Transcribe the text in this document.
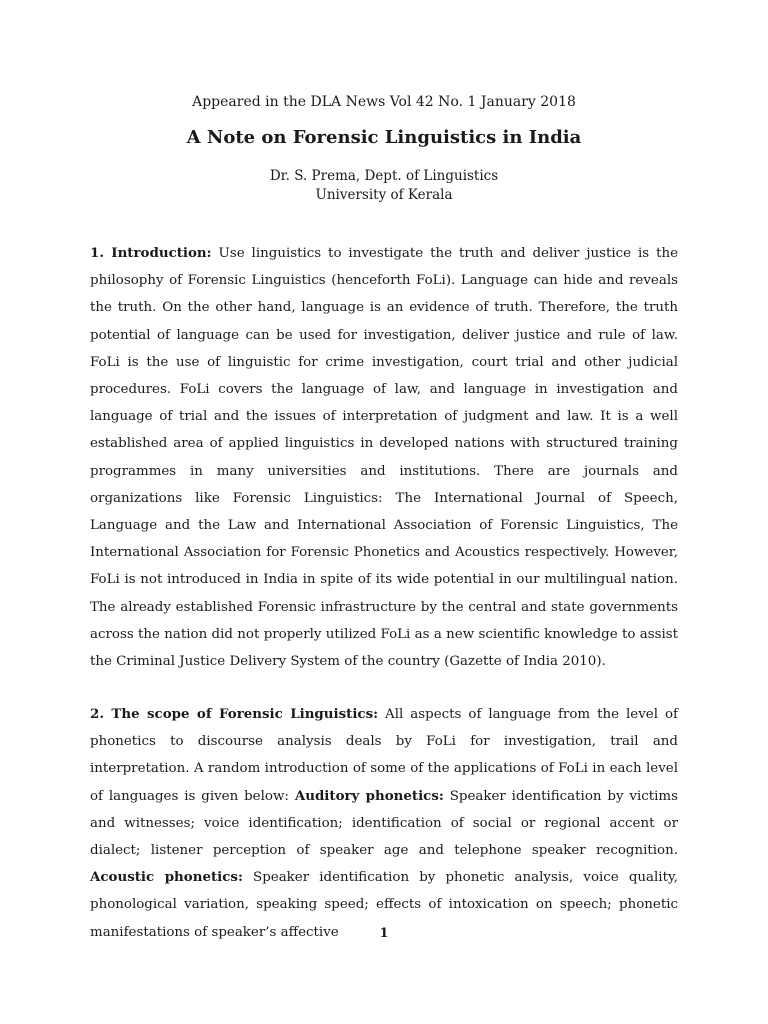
Appeared in the DLA News Vol 42 No. 1 January 2018
A Note on Forensic Linguistics in India
Dr. S. Prema, Dept. of Linguistics
University of Kerala
1. Introduction: Use linguistics to investigate the truth and deliver justice is the philosophy of Forensic Linguistics (henceforth FoLi). Language can hide and reveals the truth. On the other hand, language is an evidence of truth. Therefore, the truth potential of language can be used for investigation, deliver justice and rule of law. FoLi is the use of linguistic for crime investigation, court trial and other judicial procedures. FoLi covers the language of law, and language in investigation and language of trial and the issues of interpretation of judgment and law. It is a well established area of applied linguistics in developed nations with structured training programmes in many universities and institutions. There are journals and organizations like Forensic Linguistics: The International Journal of Speech, Language and the Law and International Association of Forensic Linguistics, The International Association for Forensic Phonetics and Acoustics respectively. However, FoLi is not introduced in India in spite of its wide potential in our multilingual nation. The already established Forensic infrastructure by the central and state governments across the nation did not properly utilized FoLi as a new scientific knowledge to assist the Criminal Justice Delivery System of the country (Gazette of India 2010).
2. The scope of Forensic Linguistics: All aspects of language from the level of phonetics to discourse analysis deals by FoLi for investigation, trail and interpretation. A random introduction of some of the applications of FoLi in each level of languages is given below: Auditory phonetics: Speaker identification by victims and witnesses; voice identification; identification of social or regional accent or dialect; listener perception of speaker age and telephone speaker recognition. Acoustic phonetics: Speaker identification by phonetic analysis, voice quality, phonological variation, speaking speed; effects of intoxication on speech; phonetic manifestations of speaker’s affective	1
